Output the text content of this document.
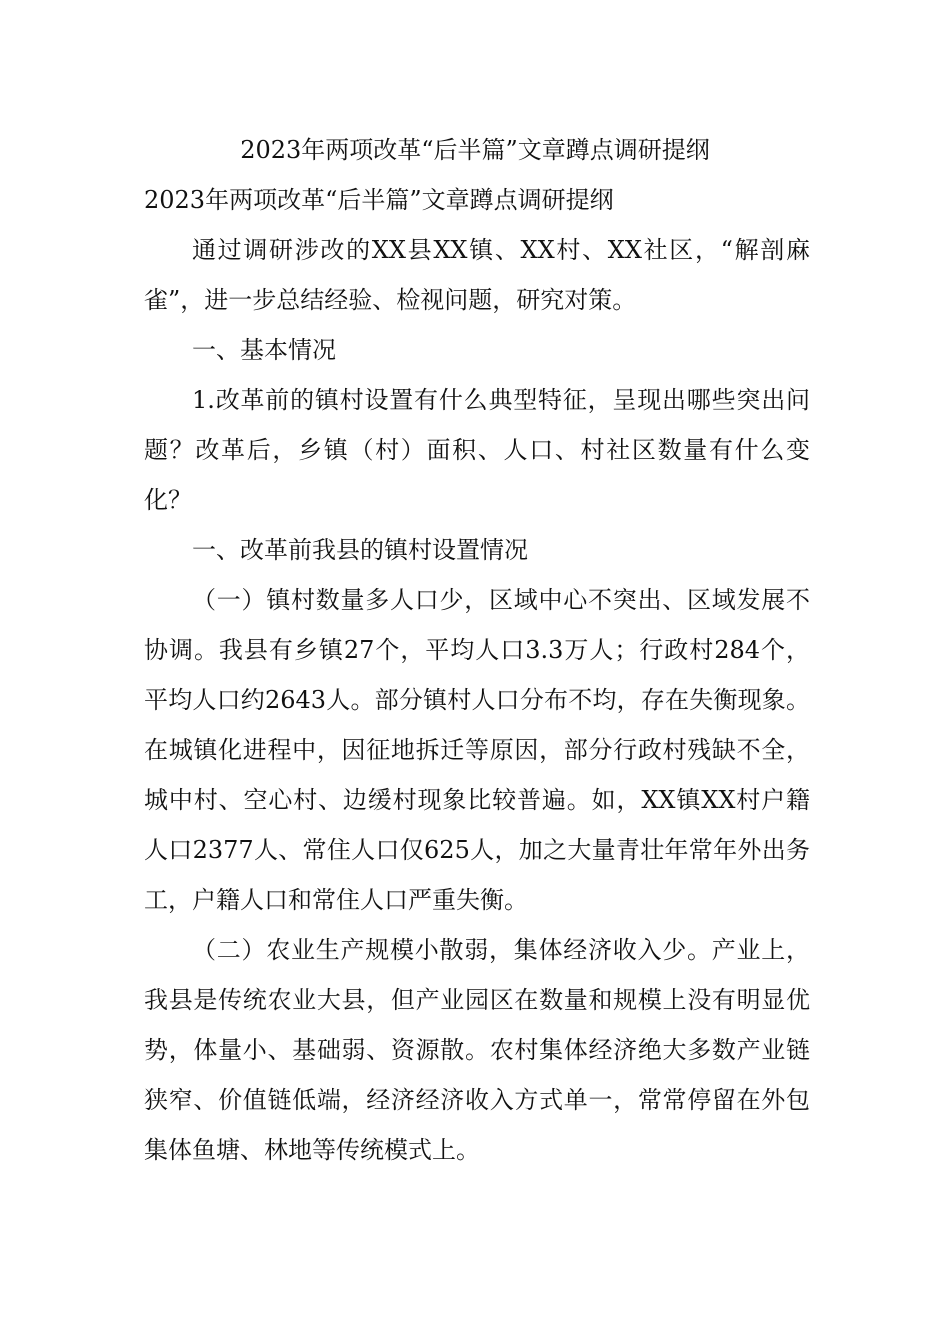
2023年两项改革“后半篇”文章蹲点调研提纲

2023年两项改革“后半篇”文章蹲点调研提纲

通过调研涉改的XX县XX镇、XX村、XX社区，“解剖麻雀”，进一步总结经验、检视问题，研究对策。

一、基本情况

1.改革前的镇村设置有什么典型特征，呈现出哪些突出问题？改革后，乡镇（村）面积、人口、村社区数量有什么变化？

一、改革前我县的镇村设置情况

（一）镇村数量多人口少，区域中心不突出、区域发展不协调。我县有乡镇27个，平均人口3.3万人；行政村284个，平均人口约2643人。部分镇村人口分布不均，存在失衡现象。在城镇化进程中，因征地拆迁等原因，部分行政村残缺不全，城中村、空心村、边缓村现象比较普遍。如，XX镇XX村户籍人口2377人、常住人口仅625人，加之大量青壮年常年外出务工，户籍人口和常住人口严重失衡。

（二）农业生产规模小散弱，集体经济收入少。产业上，我县是传统农业大县，但产业园区在数量和规模上没有明显优势，体量小、基础弱、资源散。农村集体经济绝大多数产业链狭窄、价值链低端，经济经济收入方式单一，常常停留在外包集体鱼塘、林地等传统模式上。
